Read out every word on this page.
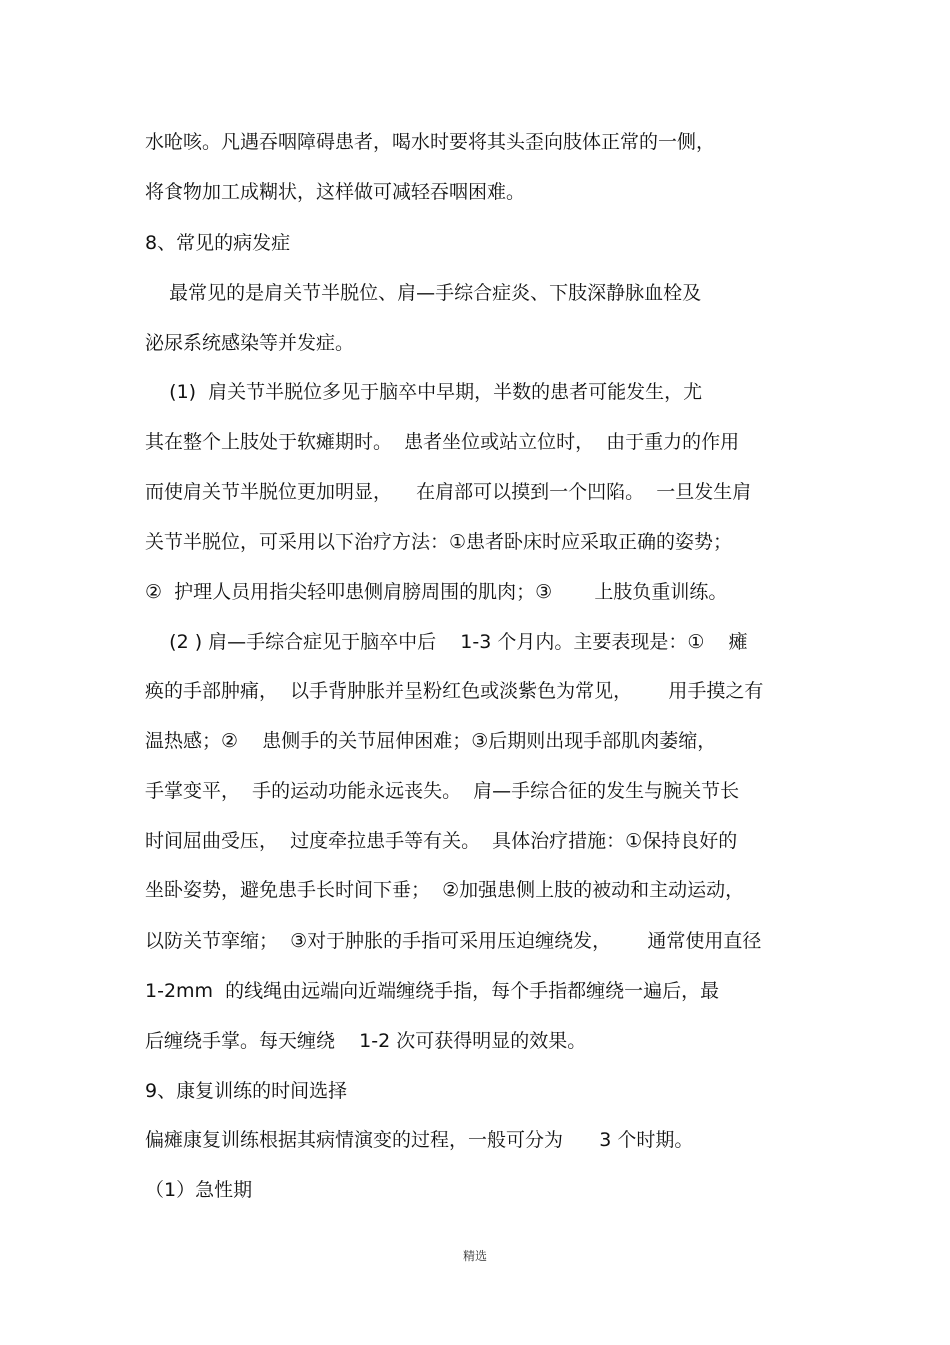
水呛咳。凡遇吞咽障碍患者，喝水时要将其头歪向肢体正常的一侧，
将食物加工成糊状，这样做可减轻吞咽困难。
8、常见的病发症
最常见的是肩关节半脱位、肩—手综合症炎、下肢深静脉血栓及
泌尿系统感染等并发症。
(1)  肩关节半脱位多见于脑卒中早期，半数的患者可能发生，尤
其在整个上肢处于软瘫期时。  患者坐位或站立位时，  由于重力的作用
而使肩关节半脱位更加明显，    在肩部可以摸到一个凹陷。  一旦发生肩
关节半脱位，可采用以下治疗方法：①患者卧床时应采取正确的姿势；
②  护理人员用指尖轻叩患侧肩膀周围的肌肉；③       上肢负重训练。
(2 ) 肩—手综合症见于脑卒中后    1-3 个月内。主要表现是：①    瘫
痪的手部肿痛，  以手背肿胀并呈粉红色或淡紫色为常见，      用手摸之有
温热感；②    患侧手的关节屈伸困难；③后期则出现手部肌肉萎缩，
手掌变平，  手的运动功能永远丧失。  肩—手综合征的发生与腕关节长
时间屈曲受压，  过度牵拉患手等有关。  具体治疗措施：①保持良好的
坐卧姿势，避免患手长时间下垂；  ②加强患侧上肢的被动和主动运动，
以防关节挛缩；  ③对于肿胀的手指可采用压迫缠绕发，      通常使用直径
1-2mm  的线绳由远端向近端缠绕手指，每个手指都缠绕一遍后，最
后缠绕手掌。每天缠绕    1-2 次可获得明显的效果。
9、康复训练的时间选择
偏瘫康复训练根据其病情演变的过程，一般可分为      3 个时期。
（1）急性期
精选
